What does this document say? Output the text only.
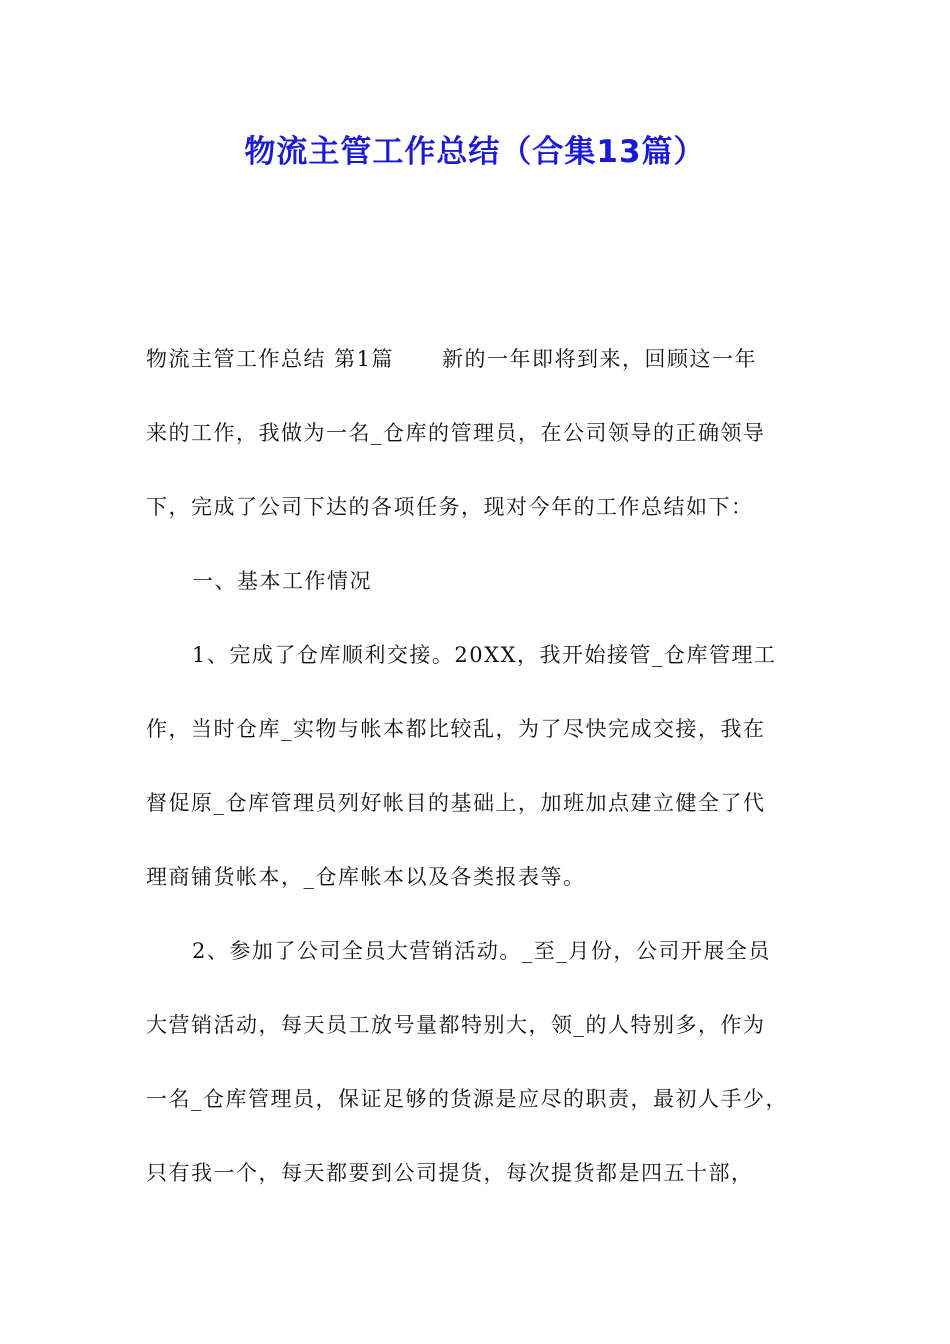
物流主管工作总结（合集13篇）
物流主管工作总结 第1篇 新的一年即将到来，回顾这一年
来的工作，我做为一名_仓库的管理员，在公司领导的正确领导
下，完成了公司下达的各项任务，现对今年的工作总结如下：
一、基本工作情况
1、完成了仓库顺利交接。20XX，我开始接管_仓库管理工
作，当时仓库_实物与帐本都比较乱，为了尽快完成交接，我在
督促原_仓库管理员列好帐目的基础上，加班加点建立健全了代
理商铺货帐本，_仓库帐本以及各类报表等。
2、参加了公司全员大营销活动。_至_月份，公司开展全员
大营销活动，每天员工放号量都特别大，领_的人特别多，作为
一名_仓库管理员，保证足够的货源是应尽的职责，最初人手少，
只有我一个，每天都要到公司提货，每次提货都是四五十部，
